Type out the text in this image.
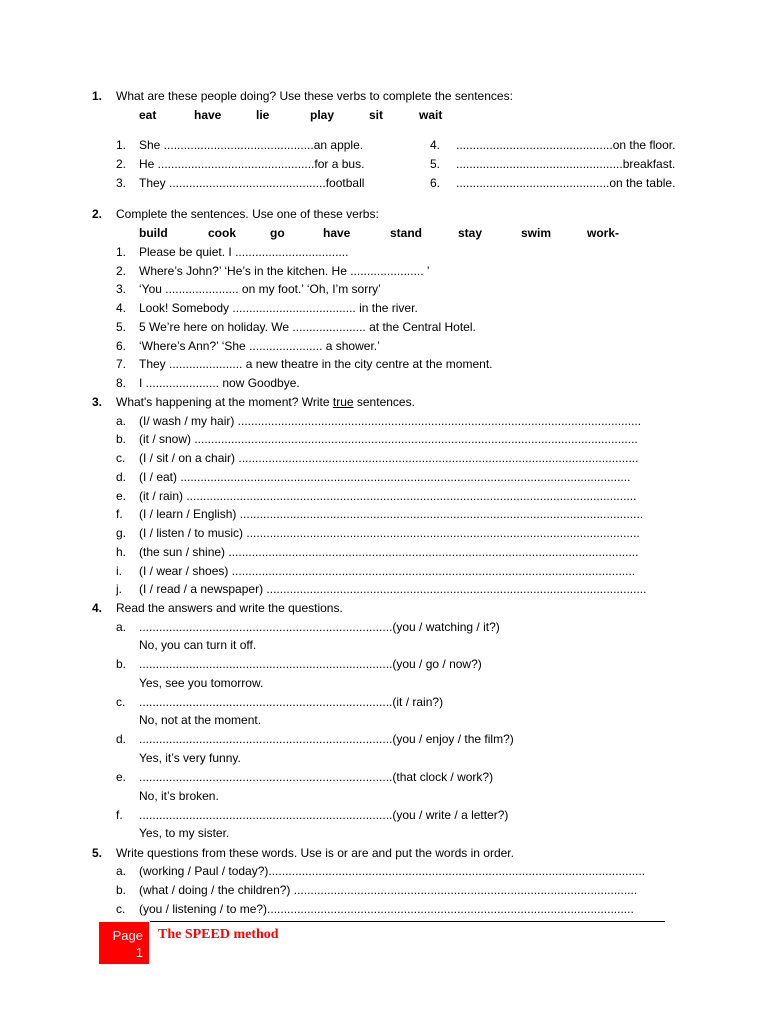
1. What are these people doing? Use these verbs to complete the sentences:
eat	have	lie	play	sit	wait
1. She .............................................an apple.
2. He ...............................................for a bus.
3. They ...............................................football
4. ...............................................on the floor.
5. ..................................................breakfast.
6. ..............................................on the table.
2. Complete the sentences. Use one of these verbs:
build	cook	go	have	stand	stay	swim	work-
1. Please be quiet. I ..................................
2. Where’s John?’ ‘He’s in the kitchen. He ...................... ’
3. ‘You ...................... on my foot.’ ‘Oh, I’m sorry’
4. Look! Somebody ..................................... in the river.
5. 5 We’re here on holiday. We ...................... at the Central Hotel.
6. ‘Where’s Ann?’ ‘She ...................... a shower.’
7. They ...................... a new theatre in the city centre at the moment.
8. I ...................... now Goodbye.
3. What's happening at the moment? Write true sentences.
a. (I/ wash / my hair) .........................................................................................................................
b. (it / snow) .....................................................................................................................................
c. (I / sit / on a chair) ........................................................................................................................
d. (I / eat) .......................................................................................................................................
e. (it / rain) .......................................................................................................................................
f. (I / learn / English) .........................................................................................................................
g. (I / listen / to music) ......................................................................................................................
h. (the sun / shine) ...........................................................................................................................
i. (I / wear / shoes) .........................................................................................................................
j. (I / read / a newspaper) ..................................................................................................................
4. Read the answers and write the questions.
a. ............................................................................(you / watching / it?)
No, you can turn it off.
b. ............................................................................(you / go / now?)
Yes, see you tomorrow.
c. ............................................................................(it / rain?)
No, not at the moment.
d. ............................................................................(you / enjoy / the film?)
Yes, it’s very funny.
e. ............................................................................(that clock / work?)
No, it’s broken.
f. ............................................................................(you / write / a letter?)
Yes, to my sister.
5. Write questions from these words. Use is or are and put the words in order.
a. (working / Paul / today?).................................................................................................................
b. (what / doing / the children?) .......................................................................................................
c. (you / listening / to me?)..............................................................................................................
Page
1
The SPEED method
